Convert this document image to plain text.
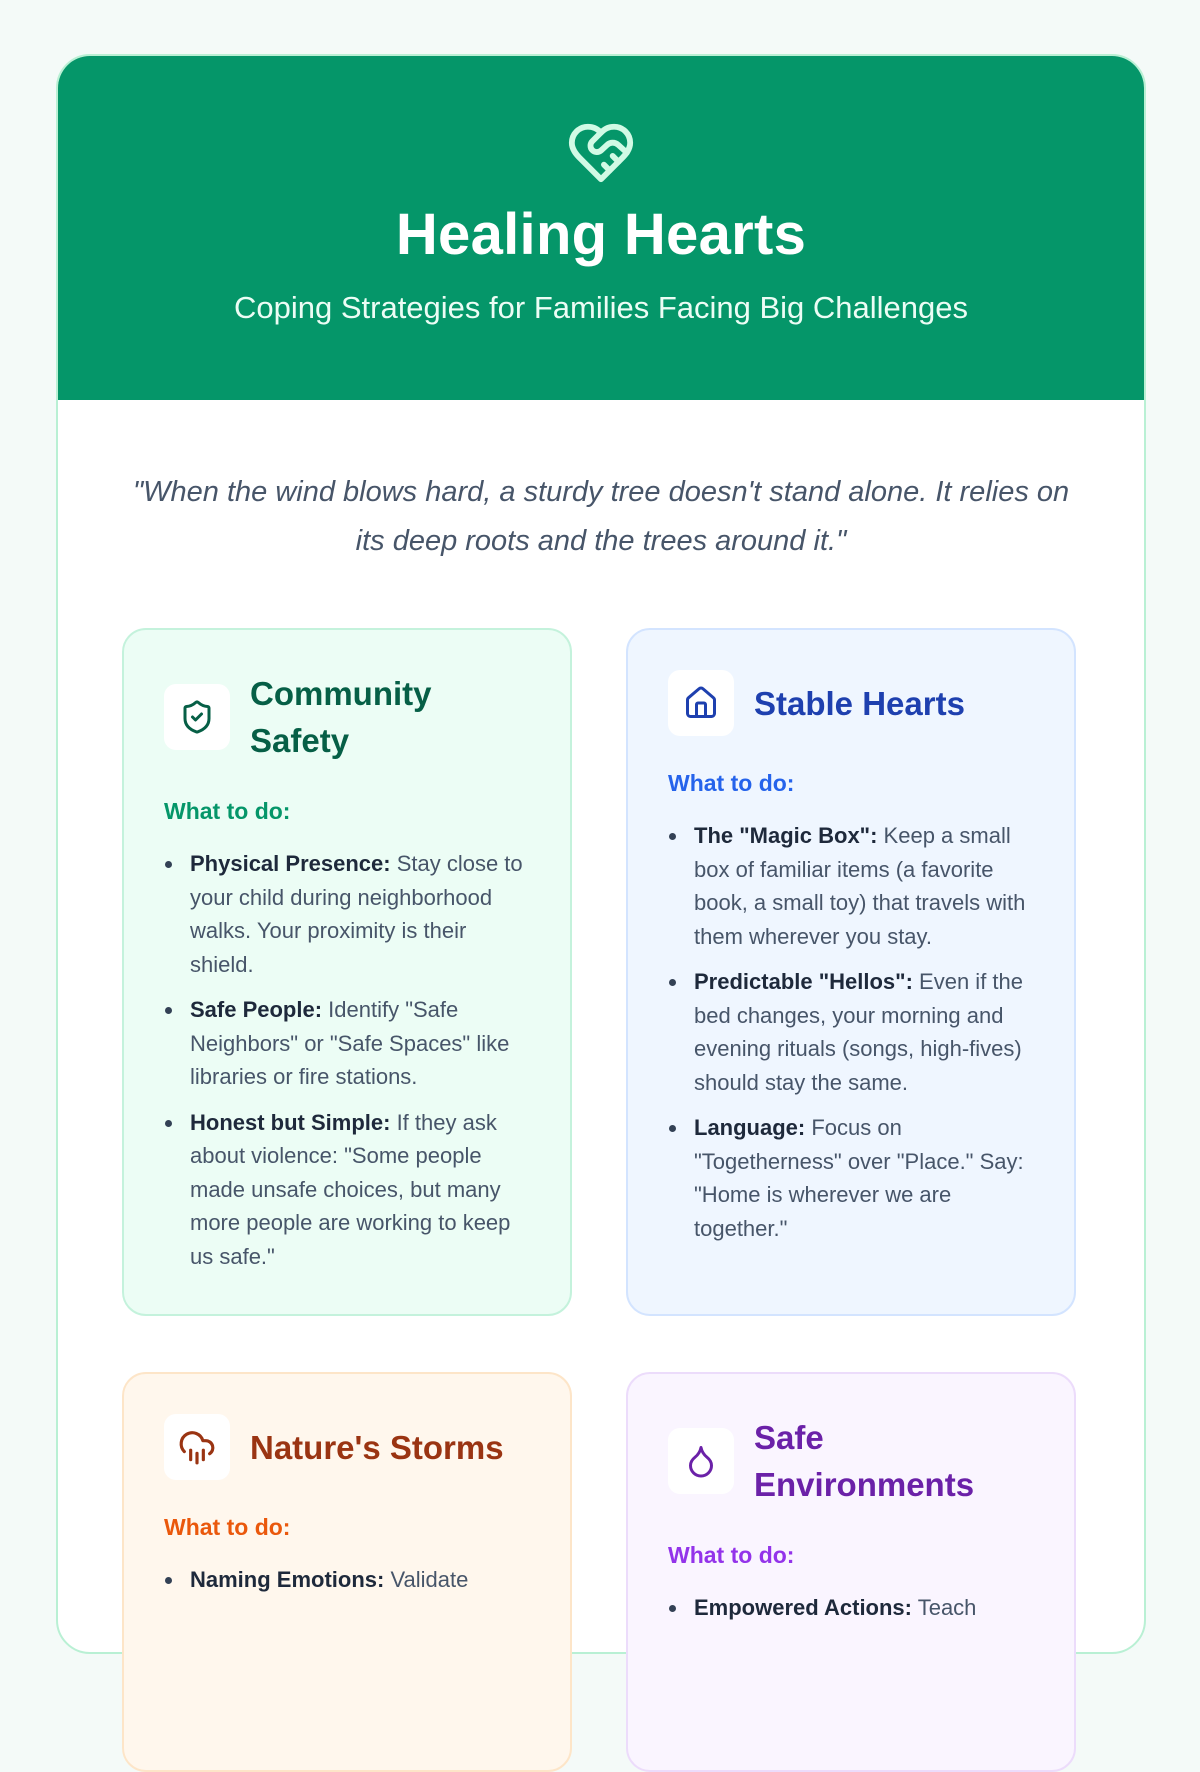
Healing Hearts
Coping Strategies for Families Facing Big Challenges
"When the wind blows hard, a sturdy tree doesn't stand alone. It relies on its deep roots and the trees around it."
Community Safety
What to do:
Physical Presence: Stay close to your child during neighborhood walks. Your proximity is their shield.
Safe People: Identify "Safe Neighbors" or "Safe Spaces" like libraries or fire stations.
Honest but Simple: If they ask about violence: "Some people made unsafe choices, but many more people are working to keep us safe."
Stable Hearts
What to do:
The "Magic Box": Keep a small box of familiar items (a favorite book, a small toy) that travels with them wherever you stay.
Predictable "Hellos": Even if the bed changes, your morning and evening rituals (songs, high-fives) should stay the same.
Language: Focus on "Togetherness" over "Place." Say: "Home is wherever we are together."
Nature's Storms
What to do:
Naming Emotions: Validate
Safe Environments
What to do:
Empowered Actions: Teach
